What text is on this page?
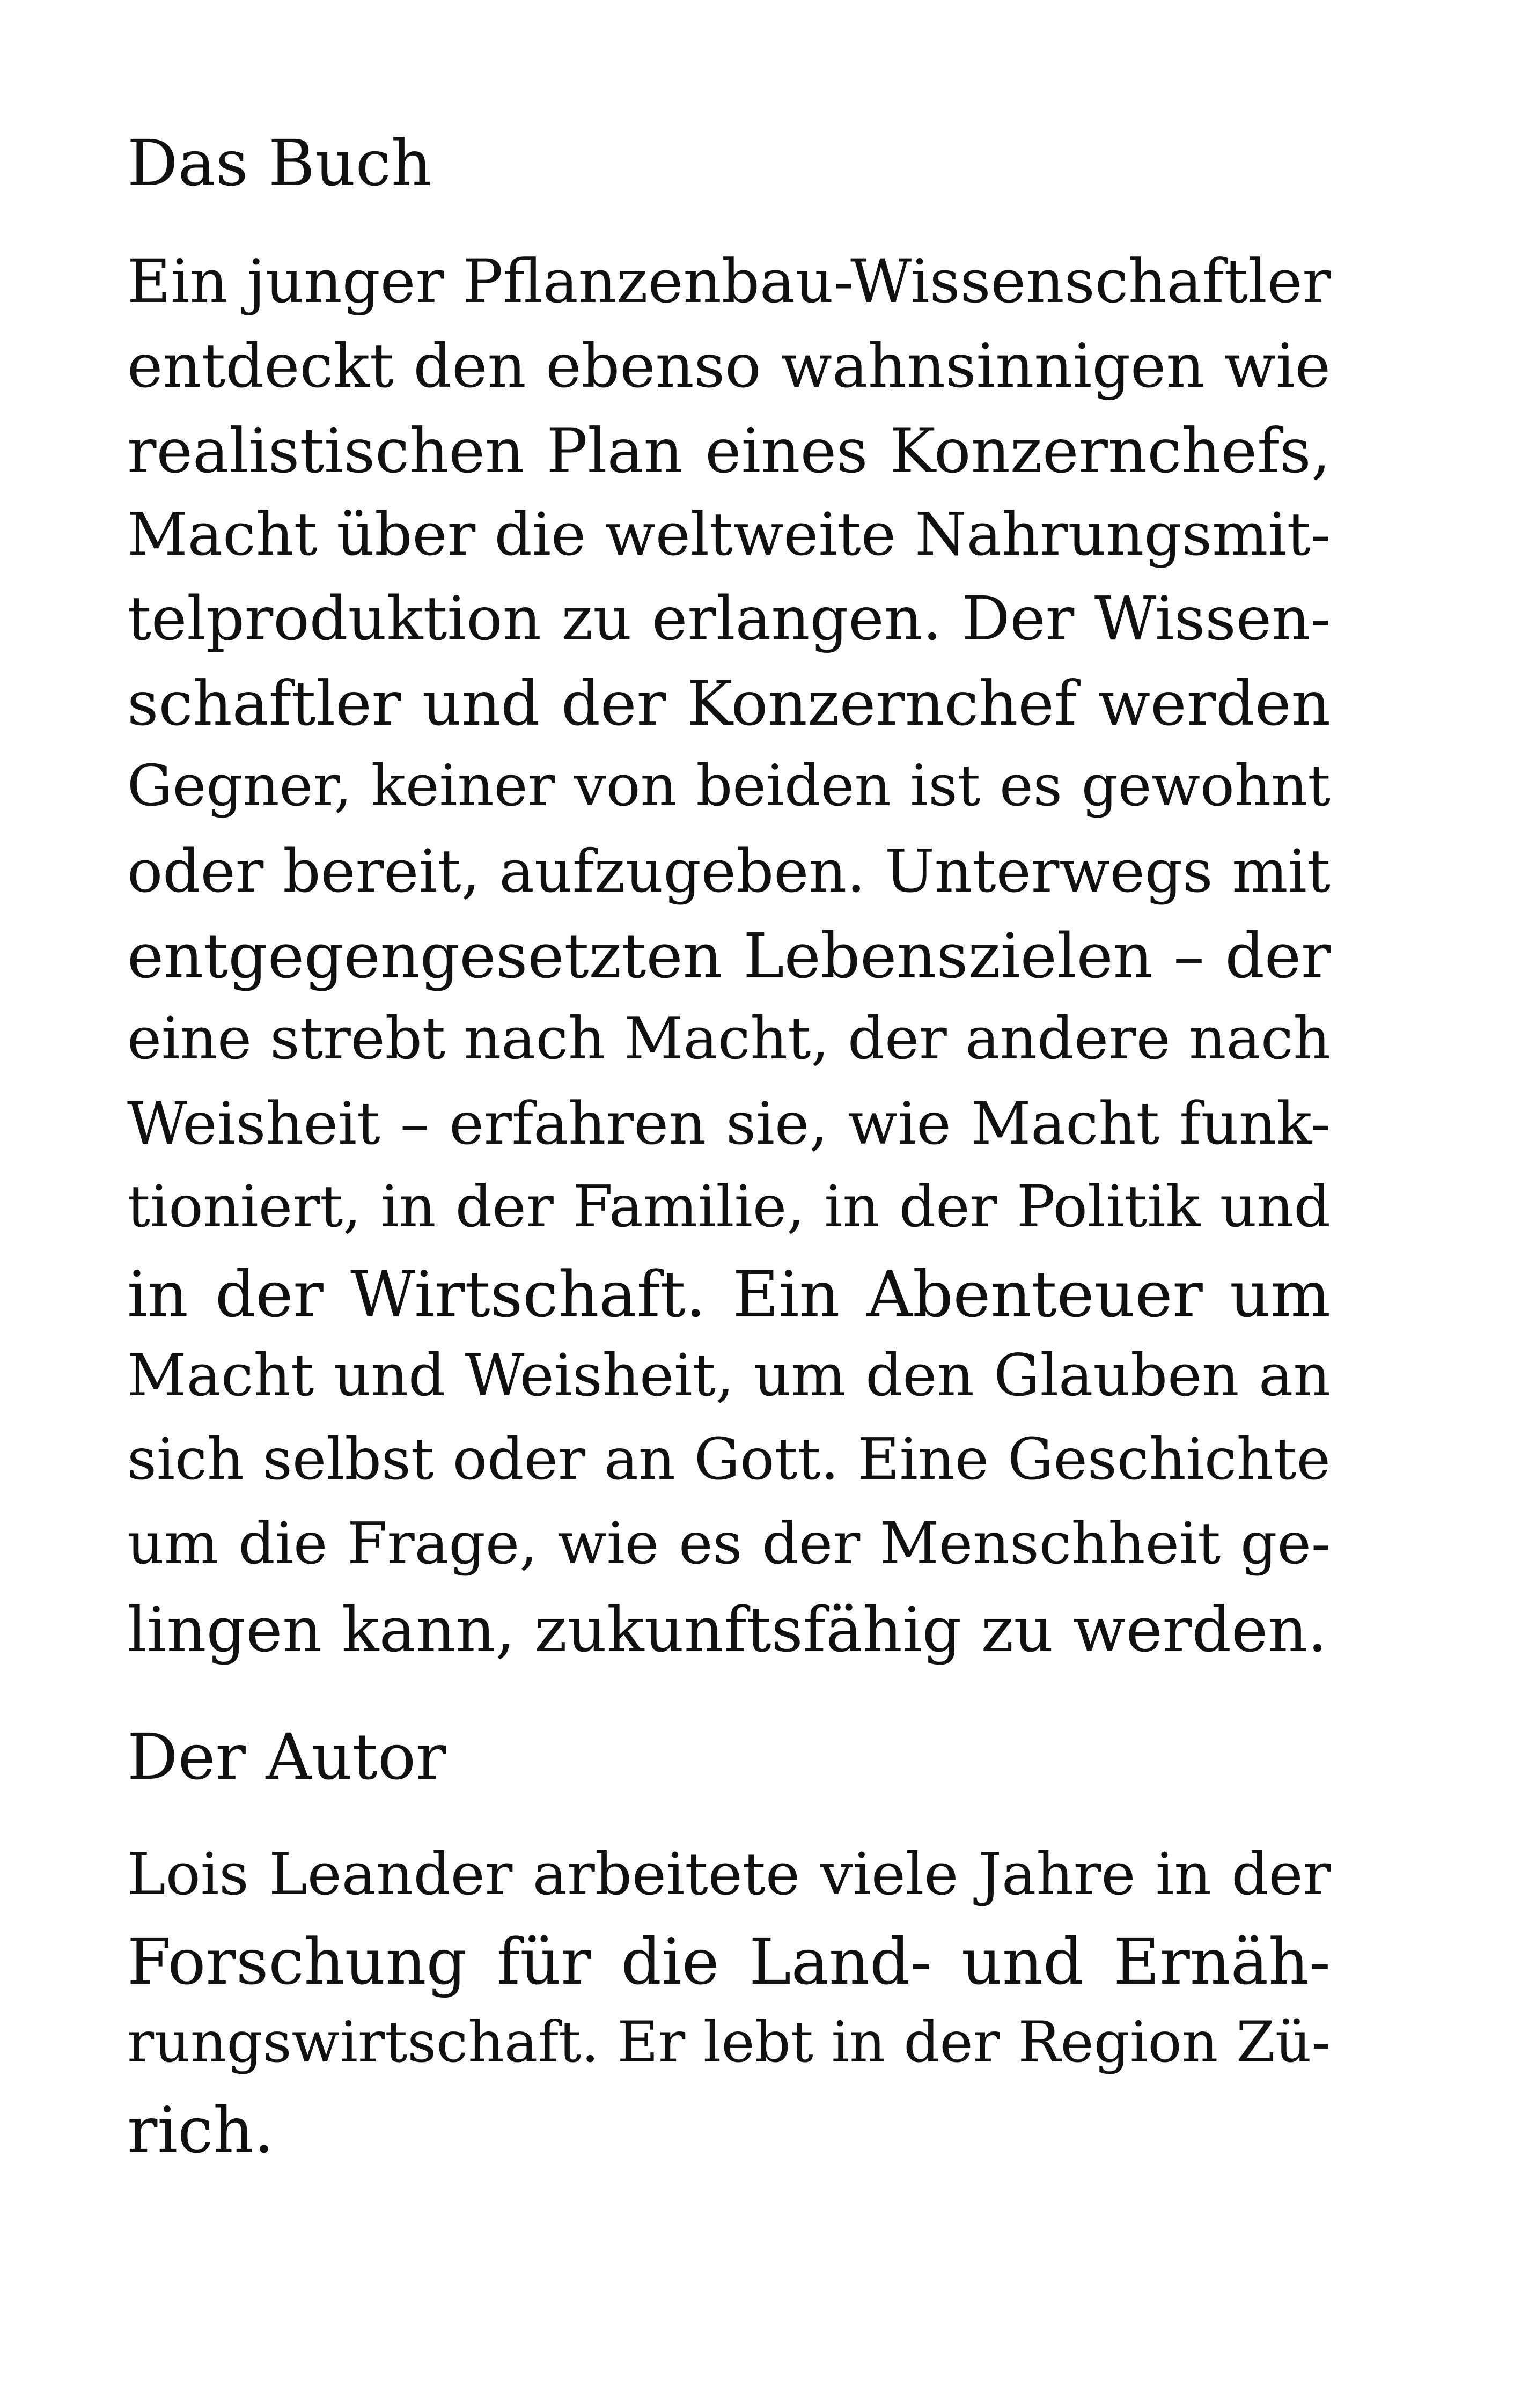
Das Buch
Ein junger Pflanzenbau-Wissenschaftler
entdeckt den ebenso wahnsinnigen wie
realistischen Plan eines Konzernchefs,
Macht über die weltweite Nahrungsmit-
telproduktion zu erlangen. Der Wissen-
schaftler und der Konzernchef werden
Gegner, keiner von beiden ist es gewohnt
oder bereit, aufzugeben. Unterwegs mit
entgegengesetzten Lebenszielen – der
eine strebt nach Macht, der andere nach
Weisheit – erfahren sie, wie Macht funk-
tioniert, in der Familie, in der Politik und
in der Wirtschaft. Ein Abenteuer um
Macht und Weisheit, um den Glauben an
sich selbst oder an Gott. Eine Geschichte
um die Frage, wie es der Menschheit ge-
lingen kann, zukunftsfähig zu werden.
Der Autor
Lois Leander arbeitete viele Jahre in der
Forschung für die Land- und Ernäh-
rungswirtschaft. Er lebt in der Region Zü-
rich.
